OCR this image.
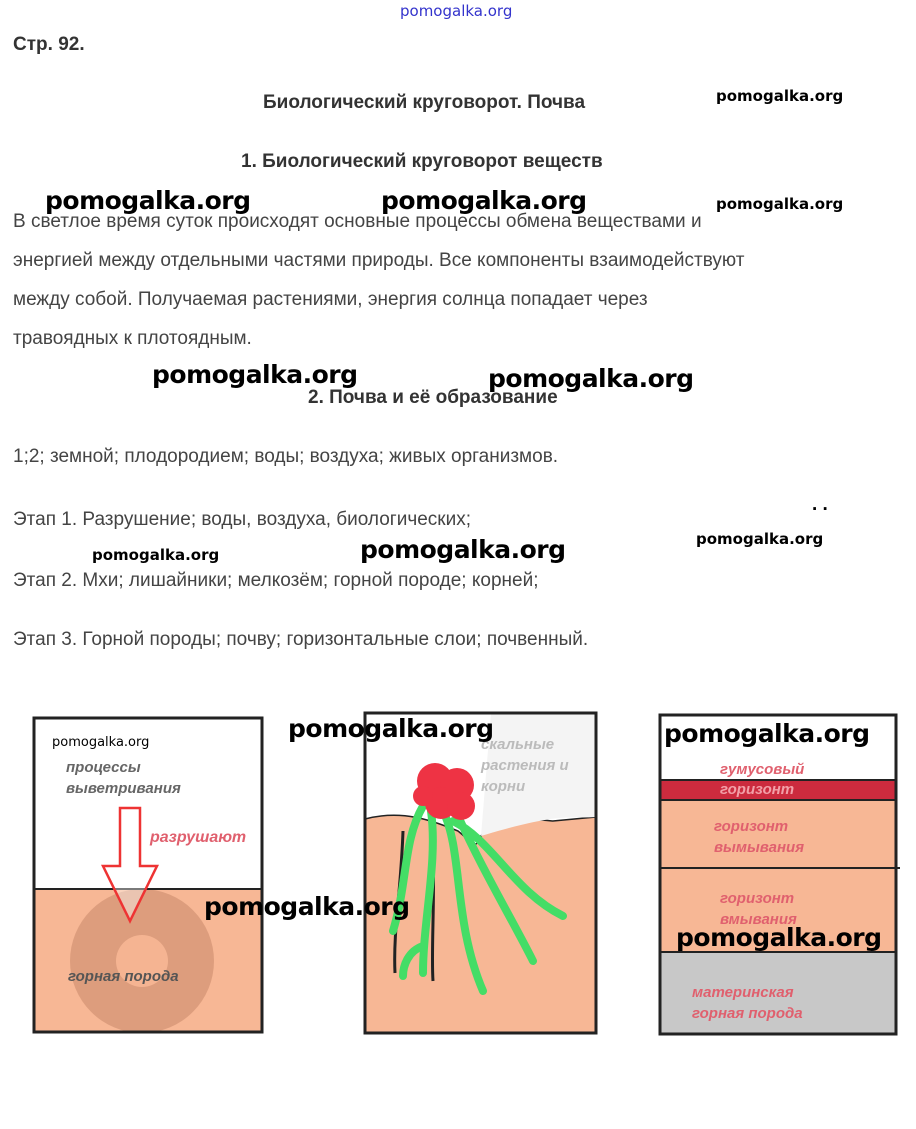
pomogalka.org
pomogalka.org
pomogalka.org	pomogalka.org	pomogalka.org
pomogalka.org	pomogalka.org
pomogalka.org	pomogalka.org	pomogalka.org
Стр. 92.
Биологический круговорот. Почва
1. Биологический круговорот веществ
В светлое время суток происходят основные процессы обмена веществами и
энергией между отдельными частями природы. Все компоненты взаимодействуют
между собой. Получаемая растениями, энергия солнца попадает через
травоядных к плотоядным.
2. Почва и её образование
1;2; земной; плодородием; воды; воздуха; живых организмов.
Этап 1. Разрушение; воды, воздуха, биологических;
. .
Этап 2. Мхи; лишайники; мелкозём; горной породе; корней;
Этап 3. Горной породы; почву; горизонтальные слои; почвенный.
процессы
выветривания
разрушают
горная порода
pomogalka.org	скальные
растения и
корни
гумусовый
горизонт
горизонт
вымывания
горизонт
вмывания
материнская
горная порода
pomogalka.org	pomogalka.org
pomogalka.org
pomogalka.org
